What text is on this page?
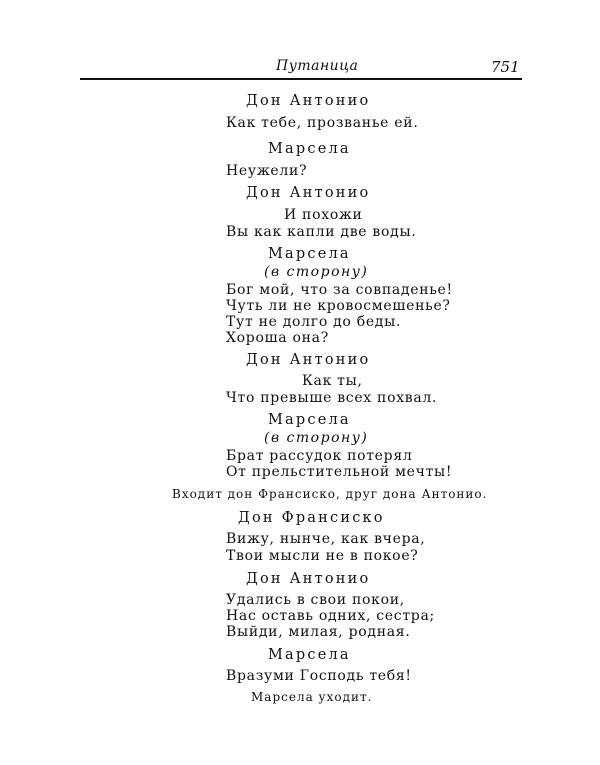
Путаница	751
Дон Антонио
Как тебе, прозванье ей.
Марсела
Неужели?
Дон Антонио
И похожи
Вы как капли две воды.
Марсела
(в сторону)
Бог мой, что за совпаденье!
Чуть ли не кровосмешенье?
Тут не долго до беды.
Хороша она?
Дон Антонио
Как ты,
Что превыше всех похвал.
Марсела
(в сторону)
Брат рассудок потерял
От прельстительной мечты!
Входит дон Франсиско, друг дона Антонио.
Дон Франсиско
Вижу, нынче, как вчера,
Твои мысли не в покое?
Дон Антонио
Удались в свои покои,
Нас оставь одних, сестра;
Выйди, милая, родная.
Марсела
Вразуми Господь тебя!
Марсела уходит.
